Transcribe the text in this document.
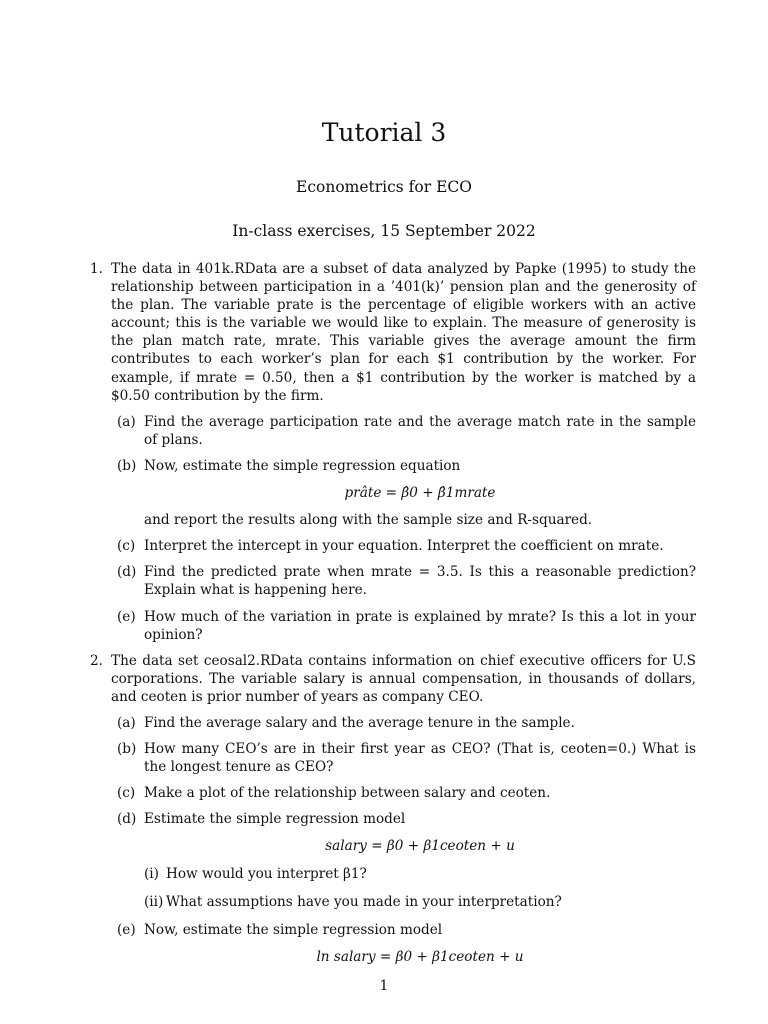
Tutorial 3
Econometrics for ECO
In-class exercises, 15 September 2022
1. The data in 401k.RData are a subset of data analyzed by Papke (1995) to study the relationship between participation in a ’401(k)’ pension plan and the generosity of the plan. The variable prate is the percentage of eligible workers with an active account; this is the variable we would like to explain. The measure of generosity is the plan match rate, mrate. This variable gives the average amount the firm contributes to each worker’s plan for each $1 contribution by the worker. For example, if mrate = 0.50, then a $1 contribution by the worker is matched by a $0.50 contribution by the firm.
(a) Find the average participation rate and the average match rate in the sample of plans.
(b) Now, estimate the simple regression equation
prâte = β̂0 + β̂1mrate
and report the results along with the sample size and R-squared.
(c) Interpret the intercept in your equation. Interpret the coefficient on mrate.
(d) Find the predicted prate when mrate = 3.5. Is this a reasonable prediction? Explain what is happening here.
(e) How much of the variation in prate is explained by mrate? Is this a lot in your opinion?
2. The data set ceosal2.RData contains information on chief executive officers for U.S corporations. The variable salary is annual compensation, in thousands of dollars, and ceoten is prior number of years as company CEO.
(a) Find the average salary and the average tenure in the sample.
(b) How many CEO’s are in their first year as CEO? (That is, ceoten=0.) What is the longest tenure as CEO?
(c) Make a plot of the relationship between salary and ceoten.
(d) Estimate the simple regression model
salary = β0 + β1ceoten + u
(i) How would you interpret β1?
(ii) What assumptions have you made in your interpretation?
(e) Now, estimate the simple regression model
ln salary = β0 + β1ceoten + u
1
